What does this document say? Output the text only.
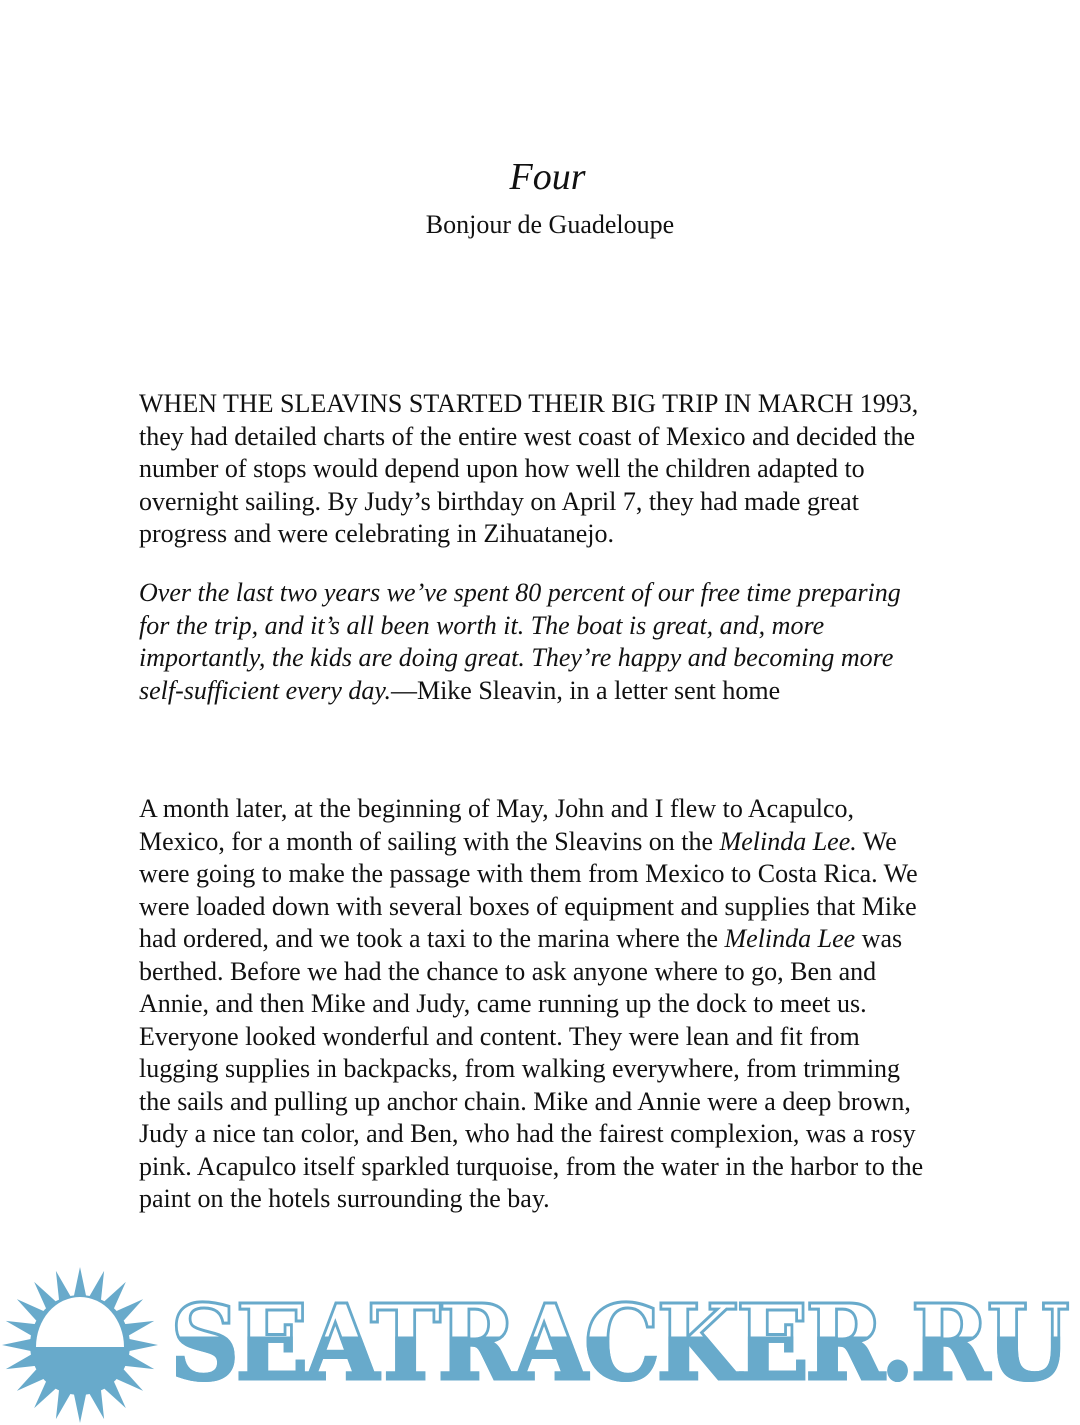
Four
Bonjour de Guadeloupe
WHEN THE SLEAVINS STARTED THEIR BIG TRIP IN MARCH 1993,
they had detailed charts of the entire west coast of Mexico and decided the
number of stops would depend upon how well the children adapted to
overnight sailing. By Judy’s birthday on April 7, they had made great
progress and were celebrating in Zihuatanejo.
Over the last two years we’ve spent 80 percent of our free time preparing
for the trip, and it’s all been worth it. The boat is great, and, more
importantly, the kids are doing great. They’re happy and becoming more
self-sufficient every day.—Mike Sleavin, in a letter sent home
A month later, at the beginning of May, John and I flew to Acapulco,
Mexico, for a month of sailing with the Sleavins on the Melinda Lee. We
were going to make the passage with them from Mexico to Costa Rica. We
were loaded down with several boxes of equipment and supplies that Mike
had ordered, and we took a taxi to the marina where the Melinda Lee was
berthed. Before we had the chance to ask anyone where to go, Ben and
Annie, and then Mike and Judy, came running up the dock to meet us.
Everyone looked wonderful and content. They were lean and fit from
lugging supplies in backpacks, from walking everywhere, from trimming
the sails and pulling up anchor chain. Mike and Annie were a deep brown,
Judy a nice tan color, and Ben, who had the fairest complexion, was a rosy
pink. Acapulco itself sparkled turquoise, from the water in the harbor to the
paint on the hotels surrounding the bay.
SEATRACKER.RU
